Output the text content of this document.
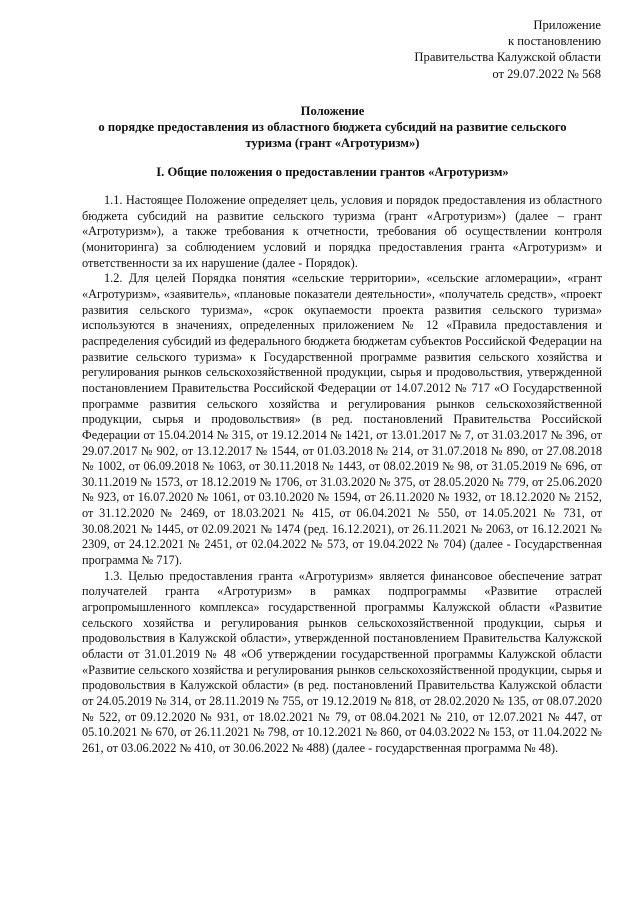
Приложение
к постановлению
Правительства Калужской области
от 29.07.2022 № 568
Положение
о порядке предоставления из областного бюджета субсидий на развитие сельского
туризма (грант «Агротуризм»)
I. Общие положения о предоставлении грантов «Агротуризм»

1.1. Настоящее Положение определяет цель, условия и порядок предоставления из областного бюджета субсидий на развитие сельского туризма (грант «Агротуризм») (далее – грант «Агротуризм»), а также требования к отчетности, требования об осуществлении контроля (мониторинга) за соблюдением условий и порядка предоставления гранта «Агротуризм» и ответственности за их нарушение (далее - Порядок).

1.2. Для целей Порядка понятия «сельские территории», «сельские агломерации», «грант «Агротуризм», «заявитель», «плановые показатели деятельности», «получатель средств», «проект развития сельского туризма», «срок окупаемости проекта развития сельского туризма» используются в значениях, определенных приложением № 12 «Правила предоставления и распределения субсидий из федерального бюджета бюджетам субъектов Российской Федерации на развитие сельского туризма» к Государственной программе развития сельского хозяйства и регулирования рынков сельскохозяйственной продукции, сырья и продовольствия, утвержденной постановлением Правительства Российской Федерации от 14.07.2012 № 717 «О Государственной программе развития сельского хозяйства и регулирования рынков сельскохозяйственной продукции, сырья и продовольствия» (в ред. постановлений Правительства Российской Федерации от 15.04.2014 № 315, от 19.12.2014 № 1421, от 13.01.2017 № 7, от 31.03.2017 № 396, от 29.07.2017 № 902, от 13.12.2017 № 1544, от 01.03.2018 № 214, от 31.07.2018 № 890, от 27.08.2018 № 1002, от 06.09.2018 № 1063, от 30.11.2018 № 1443, от 08.02.2019 № 98, от 31.05.2019 № 696, от 30.11.2019 № 1573, от 18.12.2019 № 1706, от 31.03.2020 № 375, от 28.05.2020 № 779, от 25.06.2020 № 923, от 16.07.2020 № 1061, от 03.10.2020 № 1594, от 26.11.2020 № 1932, от 18.12.2020 № 2152, от 31.12.2020 № 2469, от 18.03.2021 № 415, от 06.04.2021 № 550, от 14.05.2021 № 731, от 30.08.2021 № 1445, от 02.09.2021 № 1474 (ред. 16.12.2021), от 26.11.2021 № 2063, от 16.12.2021 № 2309, от 24.12.2021 № 2451, от 02.04.2022 № 573, от 19.04.2022 № 704) (далее - Государственная программа № 717).

1.3. Целью предоставления гранта «Агротуризм» является финансовое обеспечение затрат получателей гранта «Агротуризм» в рамках подпрограммы «Развитие отраслей агропромышленного комплекса» государственной программы Калужской области «Развитие сельского хозяйства и регулирования рынков сельскохозяйственной продукции, сырья и продовольствия в Калужской области», утвержденной постановлением Правительства Калужской области от 31.01.2019 № 48 «Об утверждении государственной программы Калужской области «Развитие сельского хозяйства и регулирования рынков сельскохозяйственной продукции, сырья и продовольствия в Калужской области» (в ред. постановлений Правительства Калужской области от 24.05.2019 № 314, от 28.11.2019 № 755, от 19.12.2019 № 818, от 28.02.2020 № 135, от 08.07.2020 № 522, от 09.12.2020 № 931, от 18.02.2021 № 79, от 08.04.2021 № 210, от 12.07.2021 № 447, от 05.10.2021 № 670, от 26.11.2021 № 798, от 10.12.2021 № 860, от 04.03.2022 № 153, от 11.04.2022 № 261, от 03.06.2022 № 410, от 30.06.2022 № 488) (далее - государственная программа № 48).
